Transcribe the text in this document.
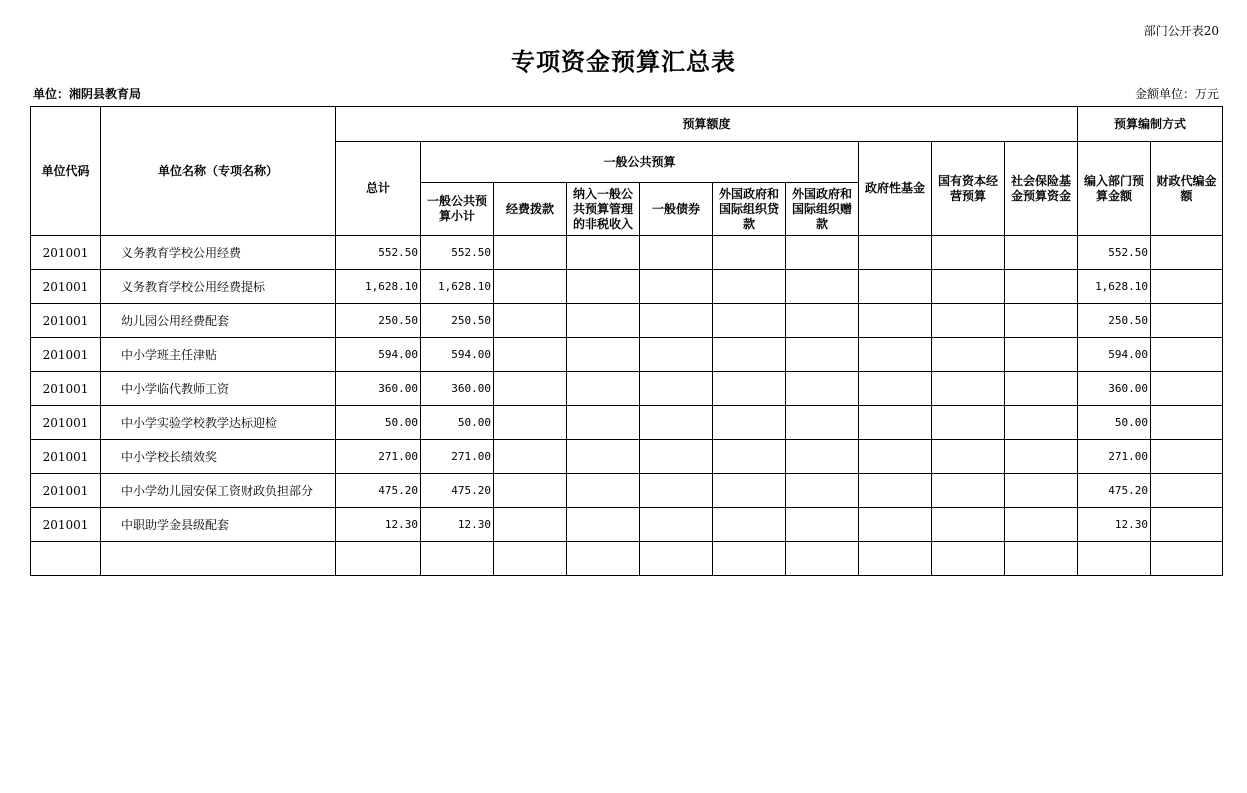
部门公开表20
专项资金预算汇总表
单位：湘阴县教育局	金额单位：万元
单位代码	单位名称（专项名称）	预算额度										预算编制方式	
		总计	一般公共预算						政府性基金	国有资本经营预算	社会保险基金预算资金	编入部门预算金额	财政代编金额
			一般公共预算小计	经费拨款	纳入一般公共预算管理的非税收入	一般债券	外国政府和国际组织贷款	外国政府和国际组织赠款					
201001	义务教育学校公用经费	552.50	552.50									552.50	
201001	义务教育学校公用经费提标	1,628.10	1,628.10									1,628.10	
201001	幼儿园公用经费配套	250.50	250.50									250.50	
201001	中小学班主任津贴	594.00	594.00									594.00	
201001	中小学临代教师工资	360.00	360.00									360.00	
201001	中小学实验学校教学达标迎检	50.00	50.00									50.00	
201001	中小学校长绩效奖	271.00	271.00									271.00	
201001	中小学幼儿园安保工资财政负担部分	475.20	475.20									475.20	
201001	中职助学金县级配套	12.30	12.30									12.30	
